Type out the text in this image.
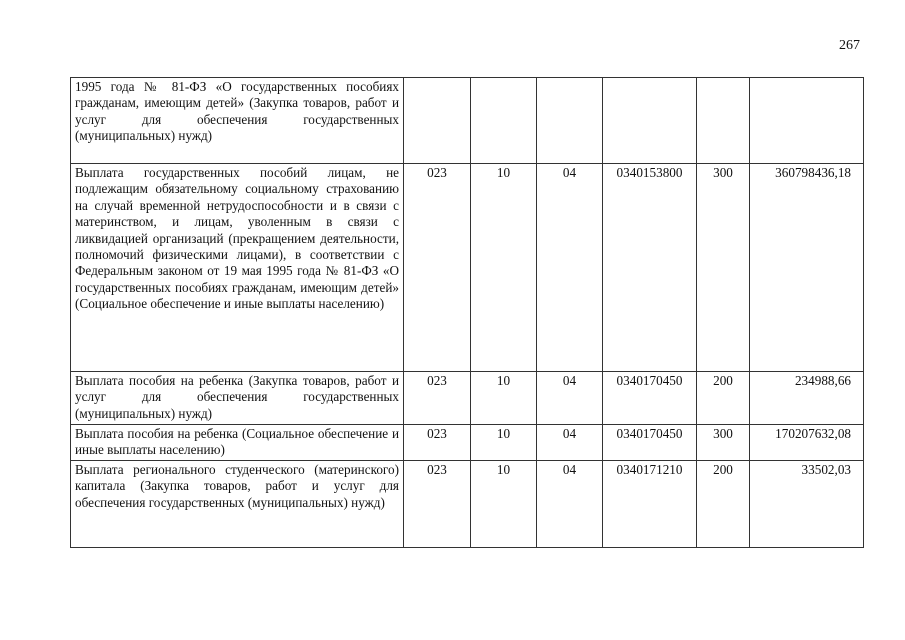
267
1995 года № 81-ФЗ «О государственных пособиях гражданам, имеющим детей» (Закупка товаров, работ и услуг для обеспечения государственных (муниципальных) нужд)						
Выплата государственных пособий лицам, не подлежащим обязательному социальному страхованию на случай временной нетрудоспособности и в связи с материнством, и лицам, уволенным в связи с ликвидацией организаций (прекращением деятельности, полномочий физическими лицами), в соответствии с Федеральным законом от 19 мая 1995 года № 81-ФЗ «О государственных пособиях гражданам, имеющим детей» (Социальное обеспечение и иные выплаты населению)	023	10	04	0340153800	300	360798436,18
Выплата пособия на ребенка (Закупка товаров, работ и услуг для обеспечения государственных (муниципальных) нужд)	023	10	04	0340170450	200	234988,66
Выплата пособия на ребенка (Социальное обеспечение и иные выплаты населению)	023	10	04	0340170450	300	170207632,08
Выплата регионального студенческого (материнского) капитала (Закупка товаров, работ и услуг для обеспечения государственных (муниципальных) нужд)	023	10	04	0340171210	200	33502,03
